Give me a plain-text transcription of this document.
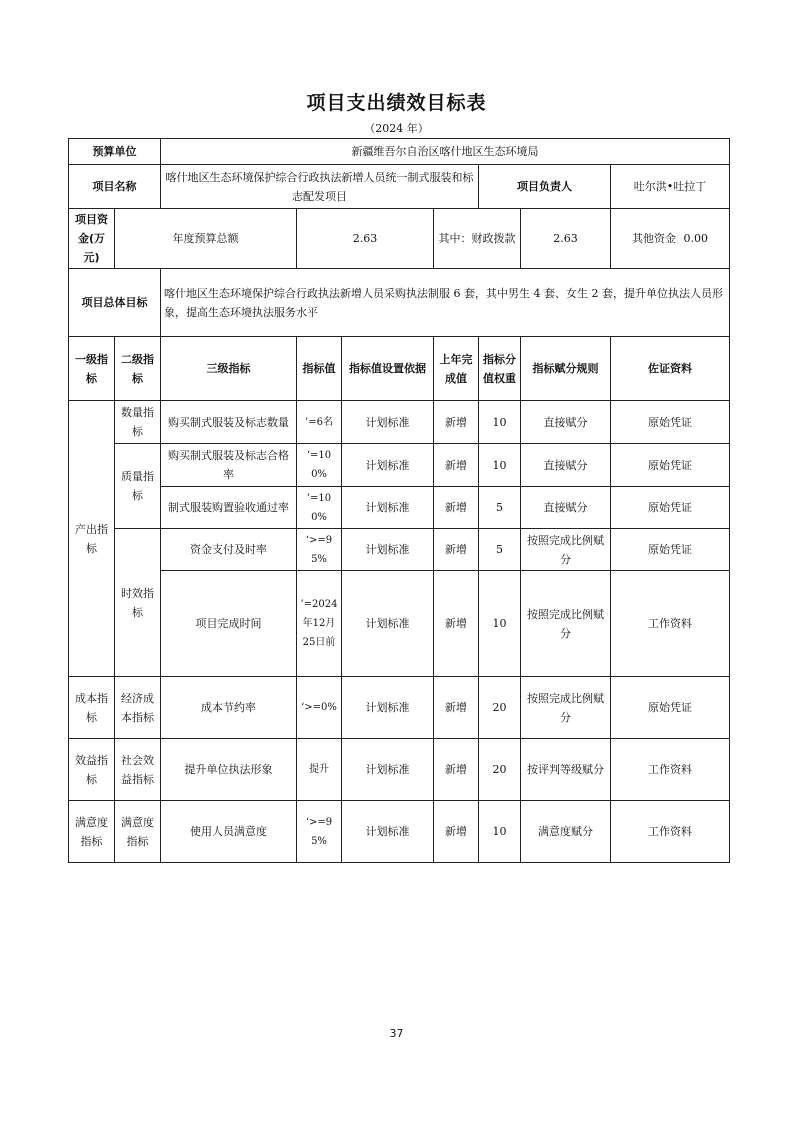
项目支出绩效目标表
（2024 年）
预算单位		新疆维吾尔自治区喀什地区生态环境局						
项目名称		喀什地区生态环境保护综合行政执法新增人员统一制式服装和标志配发项目				项目负责人		吐尔洪•吐拉丁
项目资金(万元)	年度预算总额		2.63		其中：财政拨款		2.63	其他资金 0.00
项目总体目标		喀什地区生态环境保护综合行政执法新增人员采购执法制服 6 套，其中男生 4 套、女生 2 套，提升单位执法人员形象，提高生态环境执法服务水平						
一级指标	二级指标	三级指标	指标值	指标值设置依据	上年完成值	指标分值权重	指标赋分规则	佐证资料
产出指标	数量指标	购买制式服装及标志数量	’=6名	计划标准	新增	10	直接赋分	原始凭证
	质量指标	购买制式服装及标志合格率	‘=100%	计划标准	新增	10	直接赋分	原始凭证
		制式服装购置验收通过率	’=100%	计划标准	新增	5	直接赋分	原始凭证
	时效指标	资金支付及时率	‘>=95%	计划标准	新增	5	按照完成比例赋分	原始凭证
		项目完成时间	’=2024年12月25日前	计划标准	新增	10	按照完成比例赋分	工作资料
成本指标	经济成本指标	成本节约率	‘>=0%	计划标准	新增	20	按照完成比例赋分	原始凭证
效益指标	社会效益指标	提升单位执法形象	提升	计划标准	新增	20	按评判等级赋分	工作资料
满意度指标	满意度指标	使用人员满意度	‘>=95%	计划标准	新增	10	满意度赋分	工作资料
37
